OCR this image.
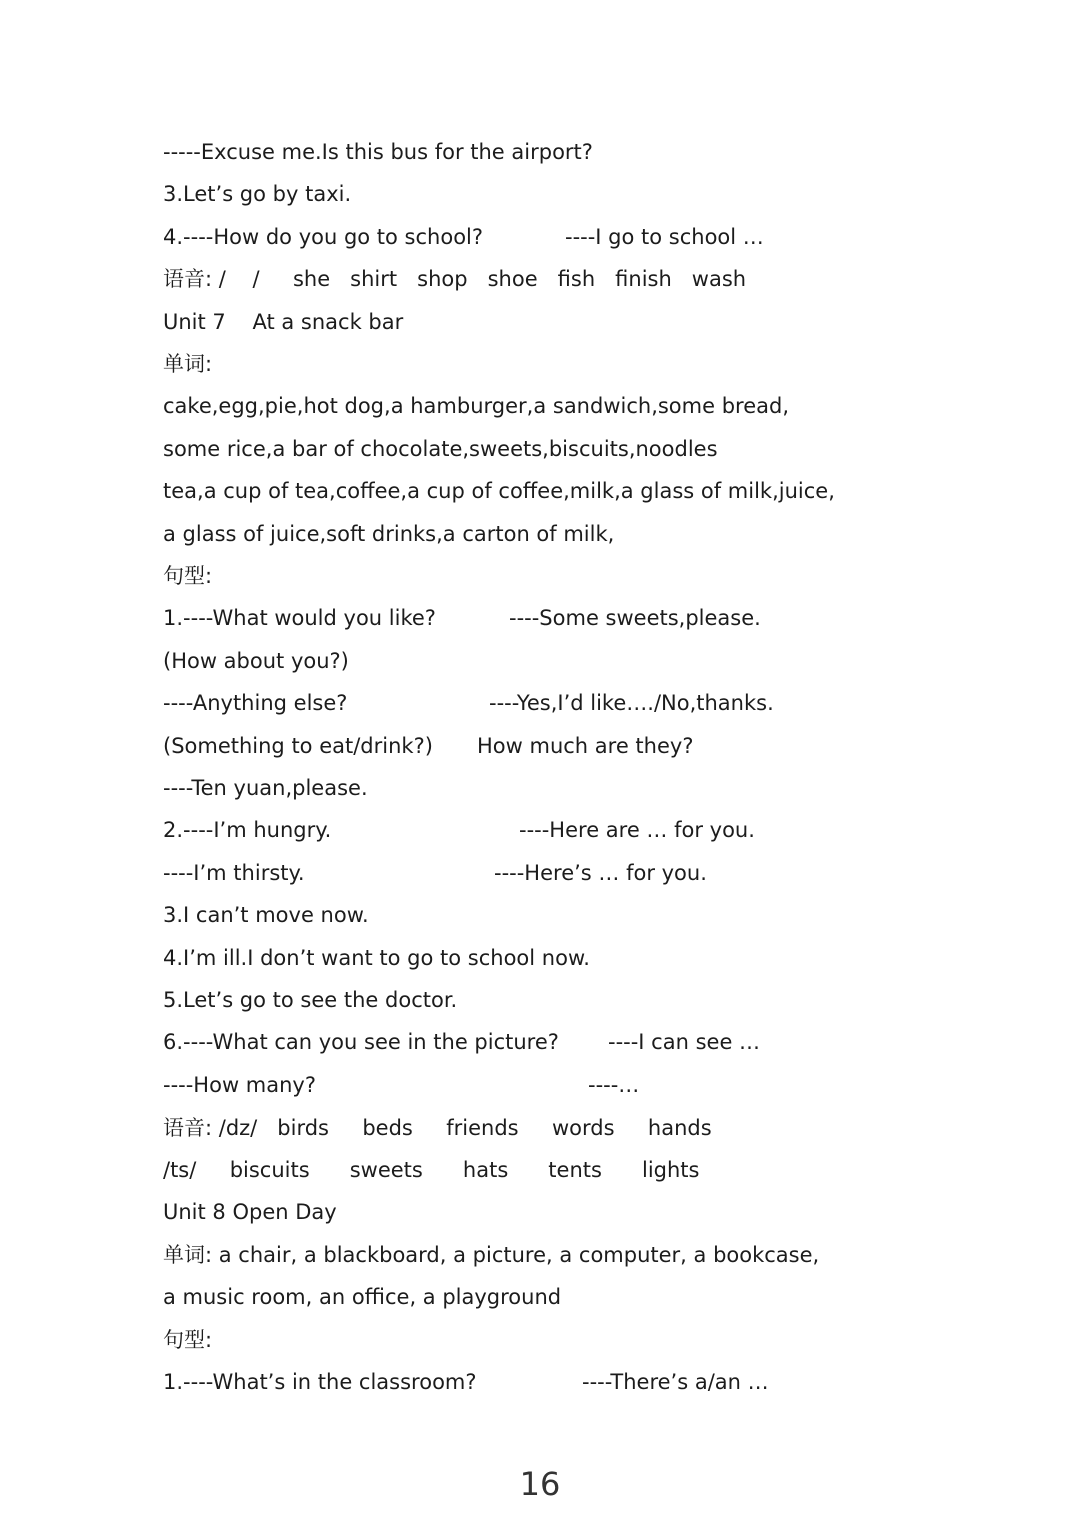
-----Excuse me.Is this bus for the airport?
3.Let’s go by taxi.

4.----How do you go to school?

	----I go to school …

语音: /    /     she   shirt   shop   shoe   fish   finish   wash
Unit 7    At a snack bar
单词:
cake,egg,pie,hot dog,a hamburger,a sandwich,some bread,
some rice,a bar of chocolate,sweets,biscuits,noodles
tea,a cup of tea,coffee,a cup of coffee,milk,a glass of milk,juice,
a glass of juice,soft drinks,a carton of milk,
句型:

1.----What would you like?

	----Some sweets,please.

(How about you?)

----Anything else?

	----Yes,I’d like…./No,thanks.

(Something to eat/drink?)

How much are they?

----Ten yuan,please.

2.----I’m hungry.

	----Here are … for you.

----I’m thirsty.

	----Here’s … for you.

3.I can’t move now.
4.I’m ill.I don’t want to go to school now.
5.Let’s go to see the doctor.

6.----What can you see in the picture?

----I can see …

----How many?

	----…

语音: /dz/   birds     beds     friends     words     hands
/ts/     biscuits      sweets      hats      tents      lights
Unit 8 Open Day
单词: a chair, a blackboard, a picture, a computer, a bookcase,
a music room, an office, a playground
句型:

1.----What’s in the classroom?

	----There’s a/an …

16
